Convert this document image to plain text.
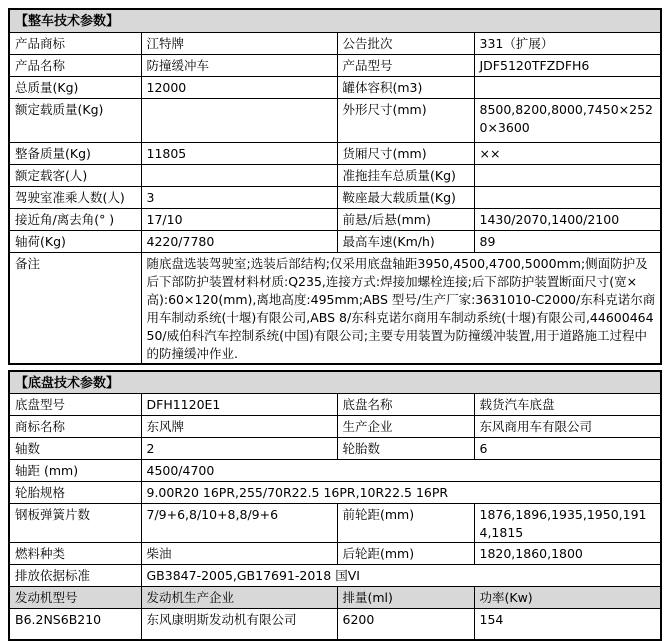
【整车技术参数】			
产品商标	江特牌	公告批次	331（扩展）
产品名称	防撞缓冲车	产品型号	JDF5120TFZDFH6
总质量(Kg)	12000	罐体容积(m3)	
额定载质量(Kg)		外形尺寸(mm)	8500,8200,8000,7450×2520×3600
整备质量(Kg)	11805	货厢尺寸(mm)	××
额定载客(人)		准拖挂车总质量(Kg)	
驾驶室准乘人数(人)	3	鞍座最大载质量(Kg)	
接近角/离去角(° )	17/10	前悬/后悬(mm)	1430/2070,1400/2100
轴荷(Kg)	4220/7780	最高车速(Km/h)	89
备注	随底盘选装驾驶室;选装后部结构;仅采用底盘轴距3950,4500,4700,5000mm;侧面防护及后下部防护装置材料材质:Q235,连接方式:焊接加螺栓连接;后下部防护装置断面尺寸(宽×高):60×120(mm),离地高度:495mm;ABS 型号/生产厂家:3631010-C2000/东科克诺尔商用车制动系统(十堰)有限公司,ABS 8/东科克诺尔商用车制动系统(十堰)有限公司,4460046450/威伯科汽车控制系统(中国)有限公司;主要专用装置为防撞缓冲装置,用于道路施工过程中的防撞缓冲作业.		
【底盘技术参数】			
底盘型号	DFH1120E1	底盘名称	载货汽车底盘
商标名称	东风牌	生产企业	东风商用车有限公司
轴数	2	轮胎数	6
轴距 (mm)	4500/4700		
轮胎规格	9.00R20 16PR,255/70R22.5 16PR,10R22.5 16PR		
钢板弹簧片数	7/9+6,8/10+8,8/9+6	前轮距(mm)	1876,1896,1935,1950,1914,1815
燃料种类	柴油	后轮距(mm)	1820,1860,1800
排放依据标准	GB3847-2005,GB17691-2018 国VI		
发动机型号	发动机生产企业	排量(ml)	功率(Kw)
B6.2NS6B210	东风康明斯发动机有限公司	6200	154
